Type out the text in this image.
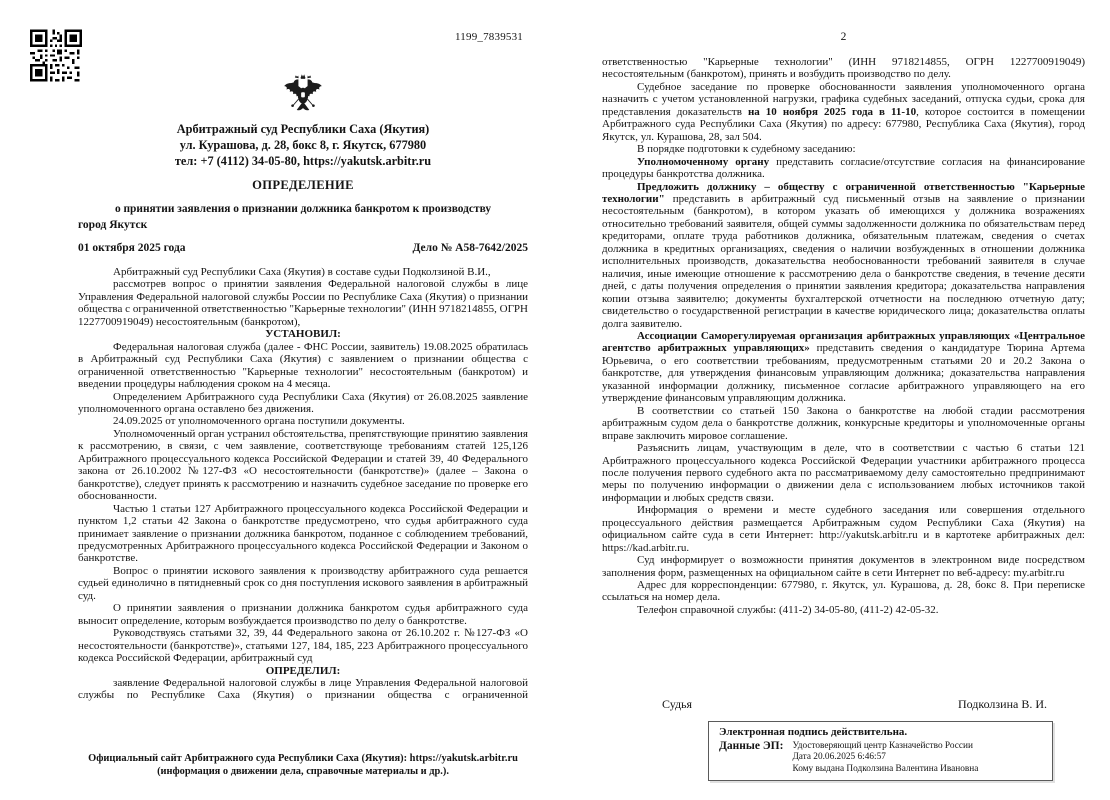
1199_7839531
Арбитражный суд Республики Саха (Якутия)
ул. Курашова, д. 28, бокс 8, г. Якутск, 677980
тел: +7 (4112) 34-05-80, https://yakutsk.arbitr.ru
ОПРЕДЕЛЕНИЕ
о принятии заявления о признании должника банкротом к производству
город Якутск
01 октября 2025 года	Дело № А58-7642/2025

Арбитражный суд Республики Саха (Якутия) в составе судьи Подколзиной В.И.,

рассмотрев вопрос о принятии заявления Федеральной налоговой службы в лице Управления Федеральной налоговой службы России по Республике Саха (Якутия) о признании общества с ограниченной ответственностью "Карьерные технологии" (ИНН 9718214855, ОГРН 1227700919049) несостоятельным (банкротом),

УСТАНОВИЛ:

Федеральная налоговая служба (далее - ФНС России, заявитель) 19.08.2025 обратилась в Арбитражный суд Республики Саха (Якутия) с заявлением о признании общества с ограниченной ответственностью "Карьерные технологии" несостоятельным (банкротом) и введении процедуры наблюдения сроком на 4 месяца.

Определением Арбитражного суда Республики Саха (Якутия) от 26.08.2025 заявление уполномоченного органа оставлено без движения.

24.09.2025 от уполномоченного органа поступили документы.

Уполномоченный орган устранил обстоятельства, препятствующие принятию заявления к рассмотрению, в связи, с чем заявление, соответствующе требованиям статей 125,126 Арбитражного процессуального кодекса Российской Федерации и статей 39, 40 Федерального закона от 26.10.2002 №127-ФЗ «О несостоятельности (банкротстве)» (далее – Закона о банкротстве), следует принять к рассмотрению и назначить судебное заседание по проверке его обоснованности.

Частью 1 статьи 127 Арбитражного процессуального кодекса Российской Федерации и пунктом 1,2 статьи 42 Закона о банкротстве предусмотрено, что судья арбитражного суда принимает заявление о признании должника банкротом, поданное с соблюдением требований, предусмотренных Арбитражного процессуального кодекса Российской Федерации и Законом о банкротстве.

Вопрос о принятии искового заявления к производству арбитражного суда решается судьей единолично в пятидневный срок со дня поступления искового заявления в арбитражный суд.

О принятии заявления о признании должника банкротом судья арбитражного суда выносит определение, которым возбуждается производство по делу о банкротстве.

Руководствуясь статьями 32, 39, 44 Федерального закона от 26.10.202 г. №127-ФЗ «О несостоятельности (банкротстве)», статьями 127, 184, 185, 223 Арбитражного процессуального кодекса Российской Федерации, арбитражный суд

ОПРЕДЕЛИЛ:

заявление Федеральной налоговой службы в лице Управления Федеральной налоговой службы по Республике Саха (Якутия) о признании общества с ограниченной

Официальный сайт Арбитражного суда Республики Саха (Якутия): https://yakutsk.arbitr.ru
(информация о движении дела, справочные материалы и др.).
2

ответственностью "Карьерные технологии" (ИНН 9718214855, ОГРН 1227700919049) несостоятельным (банкротом), принять и возбудить производство по делу.

Судебное заседание по проверке обоснованности заявления уполномоченного органа назначить с учетом установленной нагрузки, графика судебных заседаний, отпуска судьи, срока для представления доказательств на 10 ноября 2025 года в 11-10, которое состоится в помещении Арбитражного суда Республики Саха (Якутия) по адресу: 677980, Республика Саха (Якутия), город Якутск, ул. Курашова, 28, зал 504.

В порядке подготовки к судебному заседанию:

Уполномоченному органу представить согласие/отсутствие согласия на финансирование процедуры банкротства должника.

Предложить должнику – обществу с ограниченной ответственностью "Карьерные технологии" представить в арбитражный суд письменный отзыв на заявление о признании несостоятельным (банкротом), в котором указать об имеющихся у должника возражениях относительно требований заявителя, общей суммы задолженности должника по обязательствам перед кредиторами, оплате труда работников должника, обязательным платежам, сведения о счетах должника в кредитных организациях, сведения о наличии возбужденных в отношении должника исполнительных производств, доказательства необоснованности требований заявителя в случае наличия, иные имеющие отношение к рассмотрению дела о банкротстве сведения, в течение десяти дней, с даты получения определения о принятии заявления кредитора; доказательства направления копии отзыва заявителю; документы бухгалтерской отчетности на последнюю отчетную дату; свидетельство о государственной регистрации в качестве юридического лица; доказательства оплаты долга заявителю.

Ассоциации Саморегулируемая организация арбитражных управляющих «Центральное агентство арбитражных управляющих» представить сведения о кандидатуре Тюрина Артема Юрьевича, о его соответствии требованиям, предусмотренным статьями 20 и 20.2 Закона о банкротстве, для утверждения финансовым управляющим должника; доказательства направления указанной информации должнику, письменное согласие арбитражного управляющего на его утверждение финансовым управляющим должника.

В соответствии со статьей 150 Закона о банкротстве на любой стадии рассмотрения арбитражным судом дела о банкротстве должник, конкурсные кредиторы и уполномоченные органы вправе заключить мировое соглашение.

Разъяснить лицам, участвующим в деле, что в соответствии с частью 6 статьи 121 Арбитражного процессуального кодекса Российской Федерации участники арбитражного процесса после получения первого судебного акта по рассматриваемому делу самостоятельно предпринимают меры по получению информации о движении дела с использованием любых источников такой информации и любых средств связи.

Информация о времени и месте судебного заседания или совершения отдельного процессуального действия размещается Арбитражным судом Республики Саха (Якутия) на официальном сайте суда в сети Интернет: http://yakutsk.arbitr.ru и в картотеке арбитражных дел: https://kad.arbitr.ru.

Суд информирует о возможности принятия документов в электронном виде посредством заполнения форм, размещенных на официальном сайте в сети Интернет по веб-адресу: my.arbitr.ru

Адрес для корреспонденции: 677980, г. Якутск, ул. Курашова, д. 28, бокс 8. При переписке ссылаться на номер дела.

Телефон справочной службы: (411-2) 34-05-80, (411-2) 42-05-32.

Судья	Подколзина В. И.
Электронная подпись действительна.
Данные ЭП: Удостоверяющий центр Казначейство России
Дата 20.06.2025 6:46:57
Кому выдана Подколзина Валентина Ивановна
